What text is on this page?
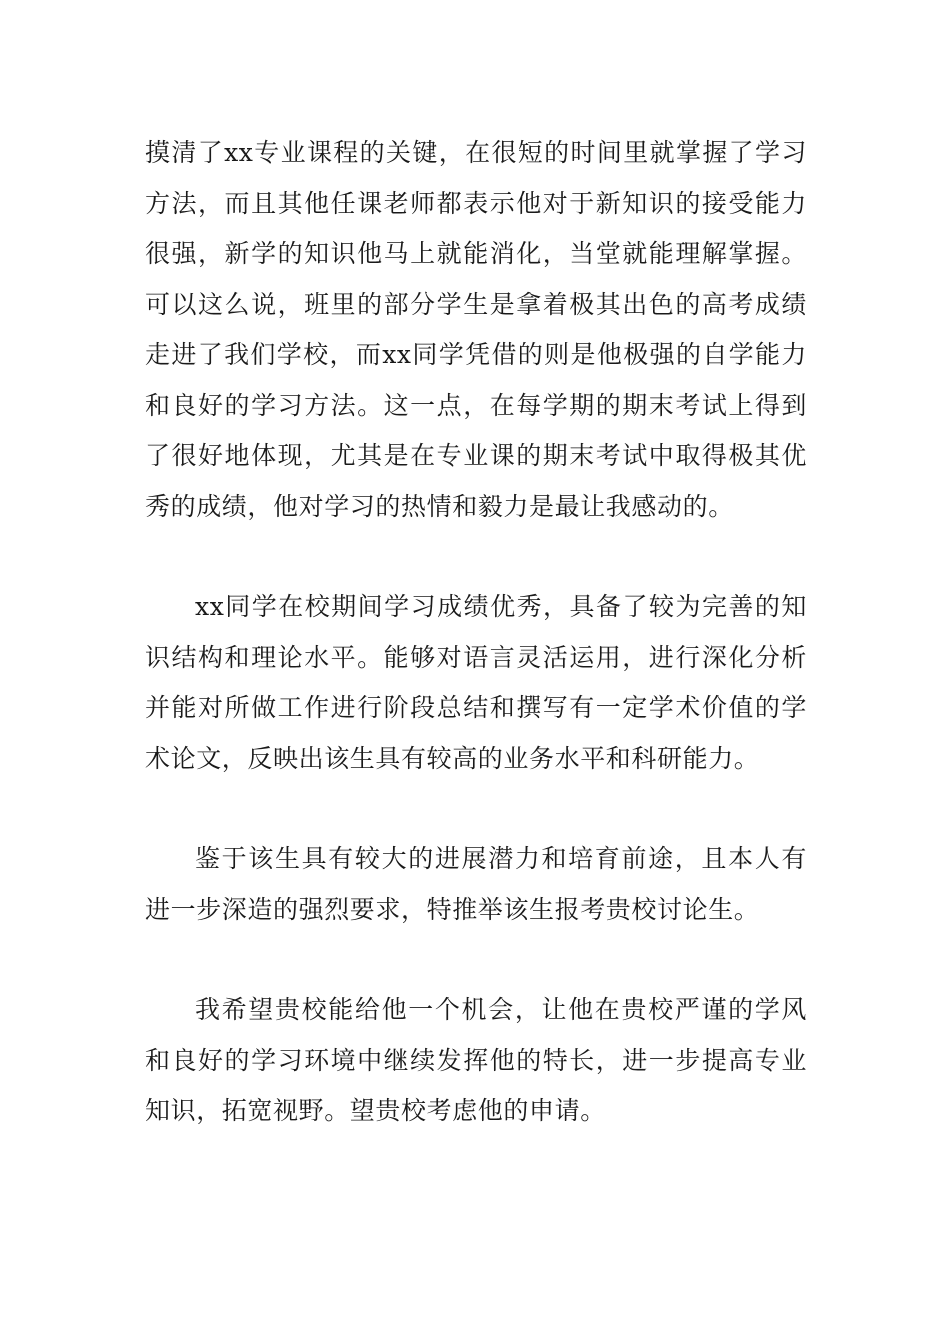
摸清了xx专业课程的关键，在很短的时间里就掌握了学习方法，而且其他任课老师都表示他对于新知识的接受能力很强，新学的知识他马上就能消化，当堂就能理解掌握。可以这么说，班里的部分学生是拿着极其出色的高考成绩走进了我们学校，而xx同学凭借的则是他极强的自学能力和良好的学习方法。这一点，在每学期的期末考试上得到了很好地体现，尤其是在专业课的期末考试中取得极其优秀的成绩，他对学习的热情和毅力是最让我感动的。

xx同学在校期间学习成绩优秀，具备了较为完善的知识结构和理论水平。能够对语言灵活运用，进行深化分析并能对所做工作进行阶段总结和撰写有一定学术价值的学术论文，反映出该生具有较高的业务水平和科研能力。

鉴于该生具有较大的进展潜力和培育前途，且本人有进一步深造的强烈要求，特推举该生报考贵校讨论生。

我希望贵校能给他一个机会，让他在贵校严谨的学风和良好的学习环境中继续发挥他的特长，进一步提高专业知识，拓宽视野。望贵校考虑他的申请。
